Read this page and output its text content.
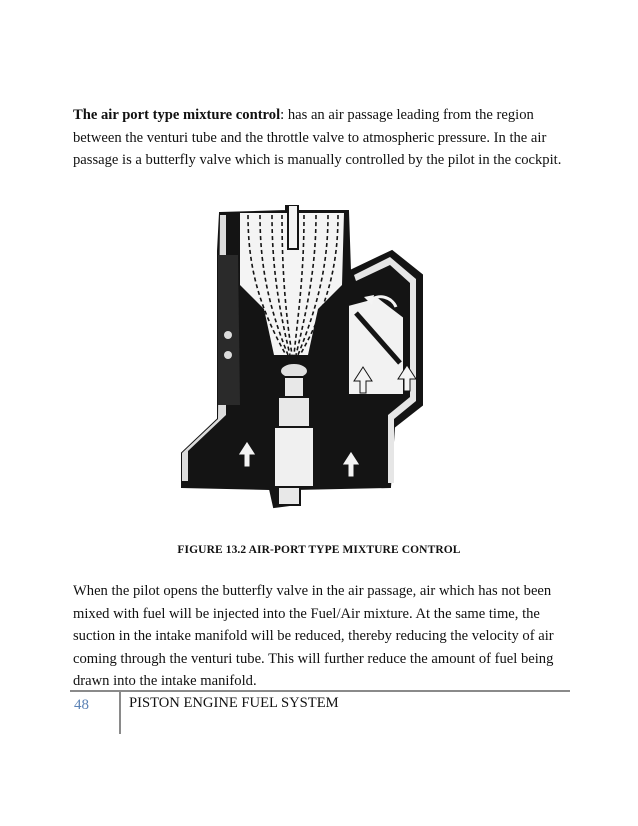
The air port type mixture control: has an air passage leading from the region between the venturi tube and the throttle valve to atmospheric pressure. In the air passage is a butterfly valve which is manually controlled by the pilot in the cockpit.

FIGURE 13.2 AIR-PORT TYPE MIXTURE CONTROL

When the pilot opens the butterfly valve in the air passage, air which has not been mixed with fuel will be injected into the Fuel/Air mixture. At the same time, the suction in the intake manifold will be reduced, thereby reducing the velocity of air coming through the venturi tube. This will further reduce the amount of fuel being drawn into the intake manifold.

48	PISTON ENGINE FUEL SYSTEM
